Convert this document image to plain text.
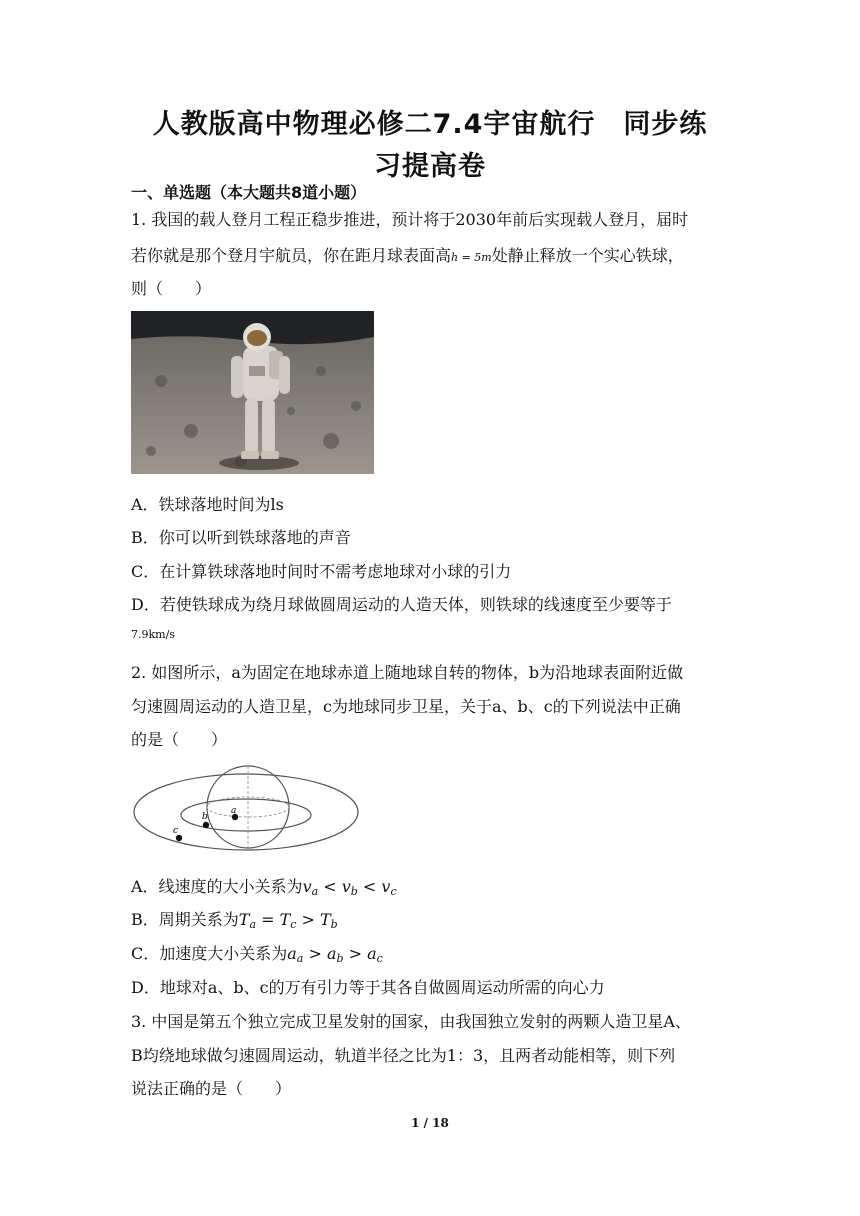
人教版高中物理必修二7.4宇宙航行　同步练
习提高卷
一、单选题（本大题共8道小题）
1. 我国的载人登月工程正稳步推进，预计将于2030年前后实现载人登月，届时
若你就是那个登月宇航员，你在距月球表面高h = 5m处静止释放一个实心铁球，
则（　　）
A．铁球落地时间为ls
B．你可以听到铁球落地的声音
C．在计算铁球落地时间时不需考虑地球对小球的引力
D．若使铁球成为绕月球做圆周运动的人造天体，则铁球的线速度至少要等于
7.9km/s
2. 如图所示，a为固定在地球赤道上随地球自转的物体，b为沿地球表面附近做
匀速圆周运动的人造卫星，c为地球同步卫星，关于a、b、c的下列说法中正确
的是（　　）
a
b
c
A．线速度的大小关系为$v_a < v_b < v_c$
B．周期关系为$T_a = T_c > T_b$
C．加速度大小关系为$a_a > a_b > a_c$
D．地球对a、b、c的万有引力等于其各自做圆周运动所需的向心力
3. 中国是第五个独立完成卫星发射的国家，由我国独立发射的两颗人造卫星A、
B均绕地球做匀速圆周运动，轨道半径之比为1：3，且两者动能相等，则下列
说法正确的是（　　）
1 / 18
